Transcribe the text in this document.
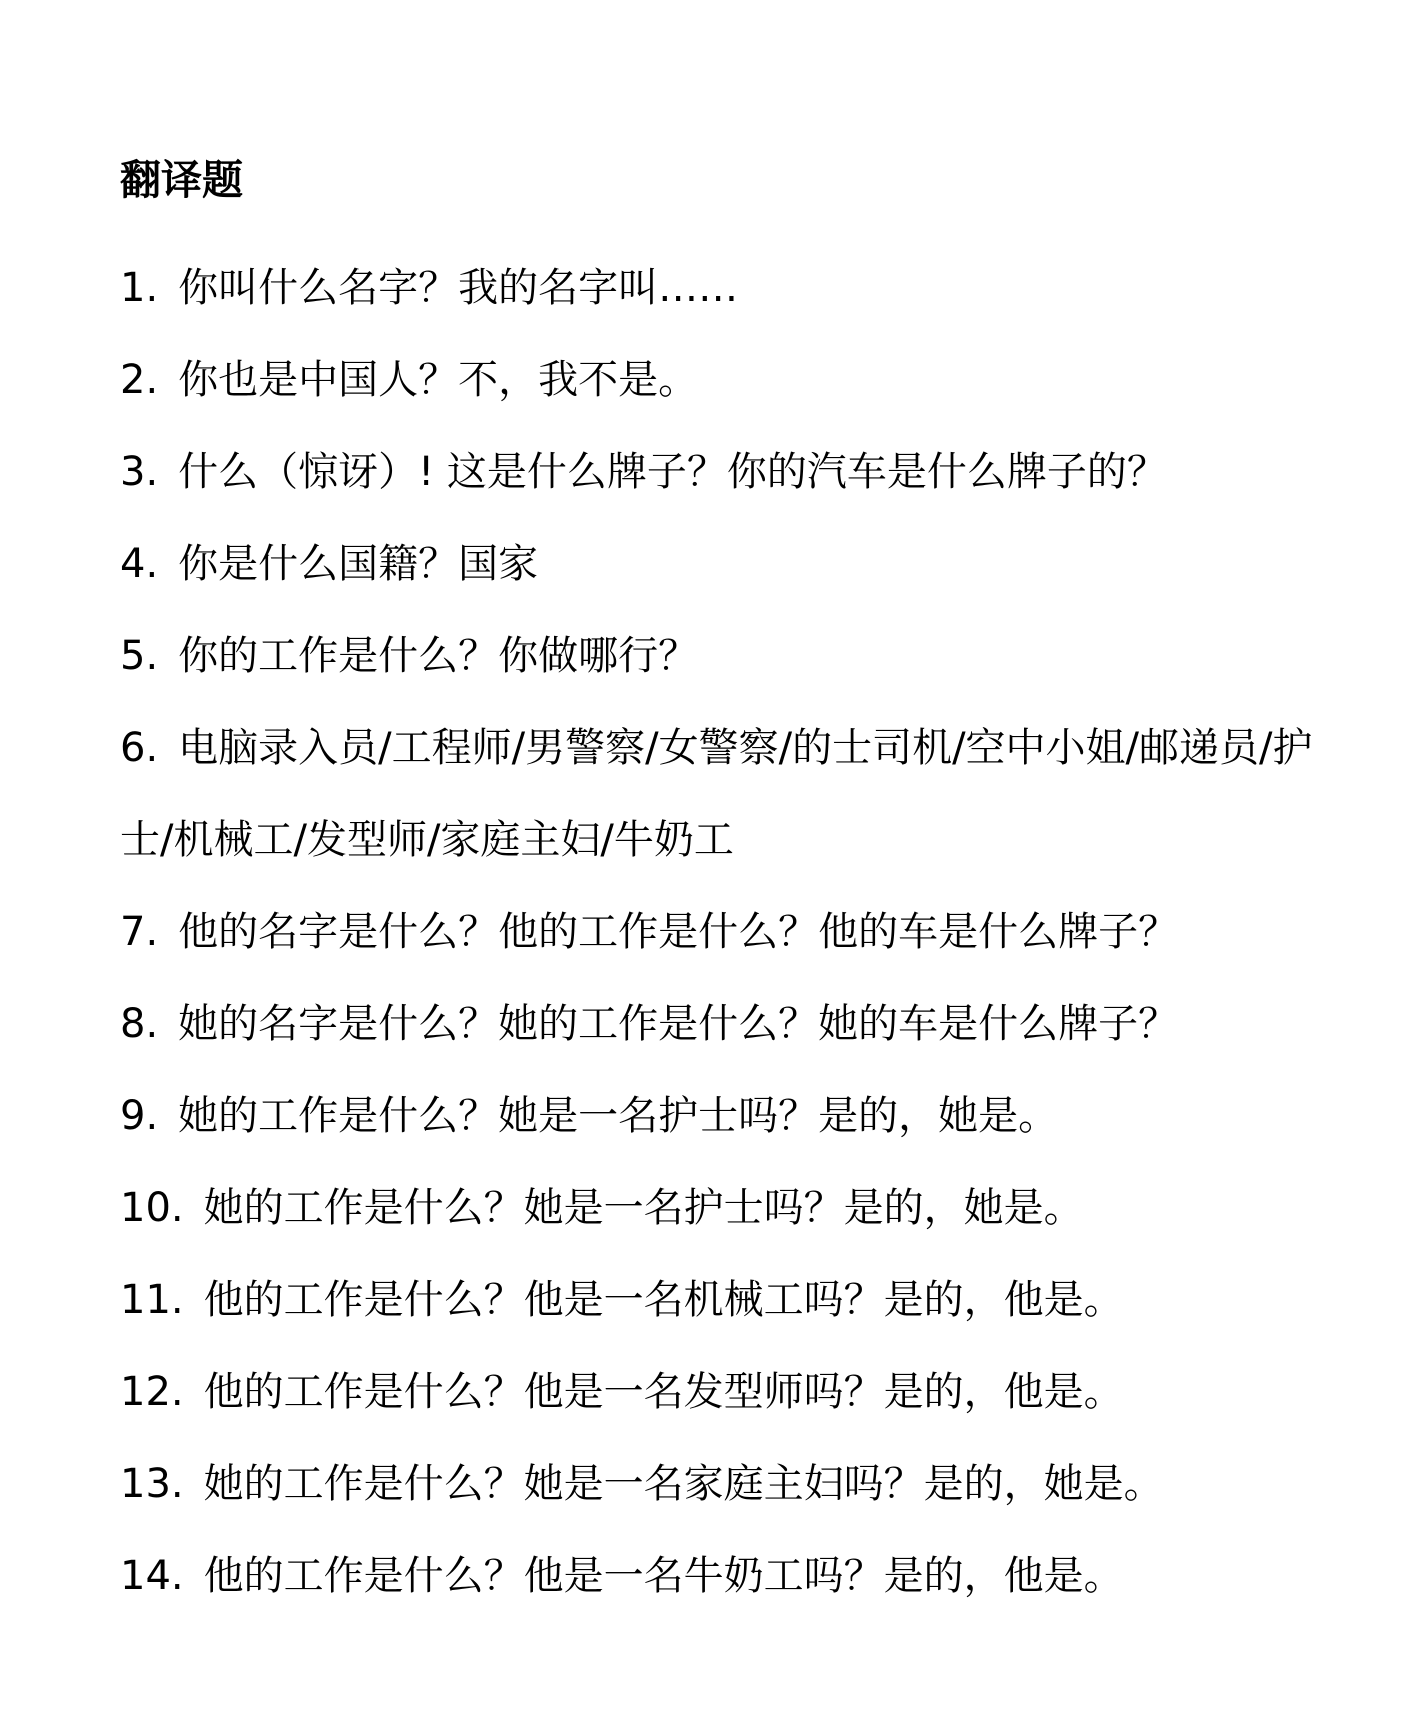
翻译题
1. 你叫什么名字？我的名字叫……
2. 你也是中国人？不，我不是。
3. 什么（惊讶）! 这是什么牌子？你的汽车是什么牌子的？
4. 你是什么国籍？国家
5. 你的工作是什么？你做哪行？
6. 电脑录入员/工程师/男警察/女警察/的士司机/空中小姐/邮递员/护士/机械工/发型师/家庭主妇/牛奶工
7. 他的名字是什么？他的工作是什么？他的车是什么牌子？
8. 她的名字是什么？她的工作是什么？她的车是什么牌子？
9. 她的工作是什么？她是一名护士吗？是的，她是。
10. 她的工作是什么？她是一名护士吗？是的，她是。
11. 他的工作是什么？他是一名机械工吗？是的，他是。
12. 他的工作是什么？他是一名发型师吗？是的，他是。
13. 她的工作是什么？她是一名家庭主妇吗？是的，她是。
14. 他的工作是什么？他是一名牛奶工吗？是的，他是。
